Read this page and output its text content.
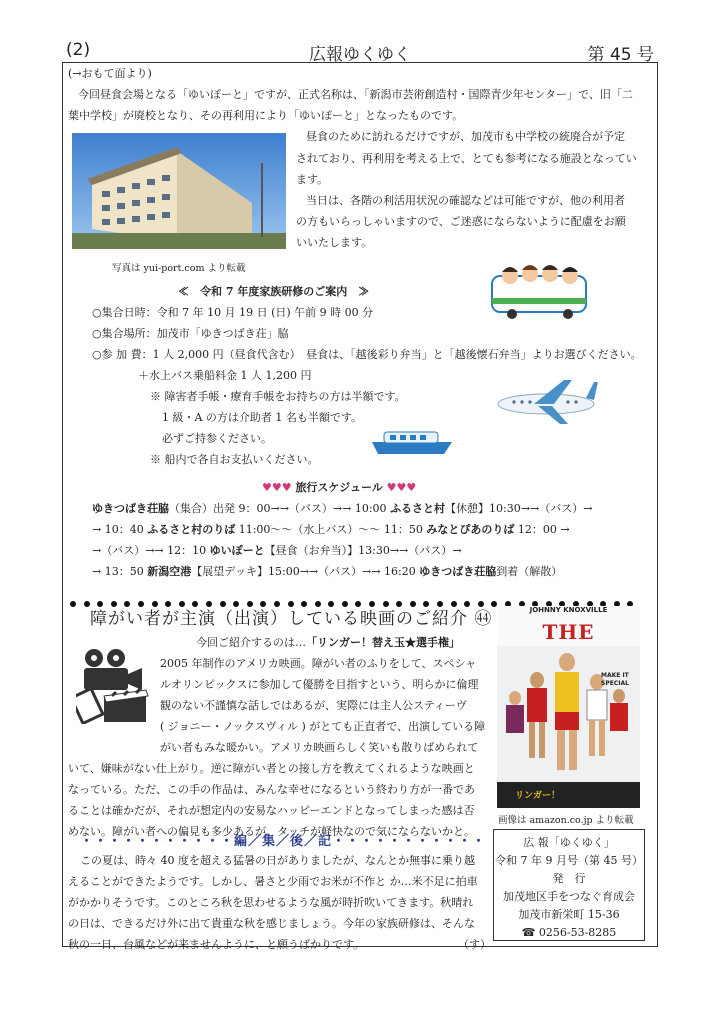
(2)	広報ゆくゆく	第 45 号
(→おもて面より)
今回昼食会場となる「ゆいぽーと」ですが、正式名称は、「新潟市芸術創造村・国際青少年センター」で、旧「二
葉中学校」が廃校となり、その再利用により「ゆいぽーと」となったものです。
昼食のために訪れるだけですが、加茂市も中学校の統廃合が予定
されており、再利用を考える上で、とても参考になる施設となってい
ます。
当日は、各階の利活用状況の確認などは可能ですが、他の利用者
の方もいらっしゃいますので、ご迷惑にならないように配慮をお願
いいたします。
写真は yui-port.com より転載
≪　令和 7 年度家族研修のご案内　≫
○集合日時：令和 7 年 10 月 19 日 (日) 午前 9 時 00 分
○集合場所：加茂市「ゆきつばき荘」脇
○参 加 費：1 人 2,000 円（昼食代含む）　昼食は、「越後彩り弁当」と「越後懐石弁当」よりお選びください。
＋水上バス乗船料金 1 人 1,200 円
※ 障害者手帳・療育手帳をお持ちの方は半額です。
1 級・A の方は介助者 1 名も半額です。
必ずご持参ください。
※ 船内で各自お支払いください。
♥♥♥ 旅行スケジュール ♥♥♥
ゆきつばき荘脇（集合）出発 9：00→→（バス）→→ 10:00 ふるさと村【休憩】10:30→→（バス）→
→ 10：40 ふるさと村のりば 11:00～～（水上バス）～～ 11：50 みなとぴあのりば 12：00 →
→（バス）→→ 12：10 ゆいぽーと【昼食（お弁当）】13:30→→（パス）→
→ 13：50 新潟空港【展望デッキ】15:00→→（バス）→→ 16:20 ゆきつばき荘脇到着（解散）
障がい者が主演（出演）している映画のご紹介 ㊹
今回ご紹介するのは…「リンガー！替え玉★選手権」
2005 年制作のアメリカ映画。障がい者のふりをして、スペシャ
ルオリンピックスに参加して優勝を目指すという、明らかに倫理
観のない不謹慎な話しではあるが、実際には主人公スティーヴ
( ジョニー・ノックスヴィル ) がとても正直者で、出演している障
がい者もみな暖かい。アメリカ映画らしく笑いも散りばめられて
いて、嫌味がない仕上がり。逆に障がい者との接し方を教えてくれるような映画と
なっている。ただ、この手の作品は、みんな幸せになるという終わり方が一番であ
ることは確かだが、それが想定内の安易なハッピーエンドとなってしまった感は否
めない。障がい者への偏見も多少あるが、タッチが軽快なので気にならないかと。
JOHNNY KNOXVILLE
THE
リンガー！
MAKE IT SPECIAL
画像は amazon.co.jp より転載
・・・・・・・・・・・編／集／後／記・・・・・・・・・・・
この夏は、時々 40 度を超える猛暑の日がありましたが、なんとか無事に乗り越
えることができたようです。しかし、暑さと少雨でお米が不作と か…米不足に拍車
がかかりそうです。このところ秋を思わせるような風が時折吹いてきます。秋晴れ
の日は、できるだけ外に出て貴重な秋を感じましょう。今年の家族研修は、そんな
秋の一日、台風などが来ませんように、と願うばかりです。	（す）
広 報「ゆくゆく」
令和 7 年 9 月号（第 45 号）
発　行
加茂地区手をつなぐ育成会
加茂市新栄町 15-36
☎ 0256-53-8285
